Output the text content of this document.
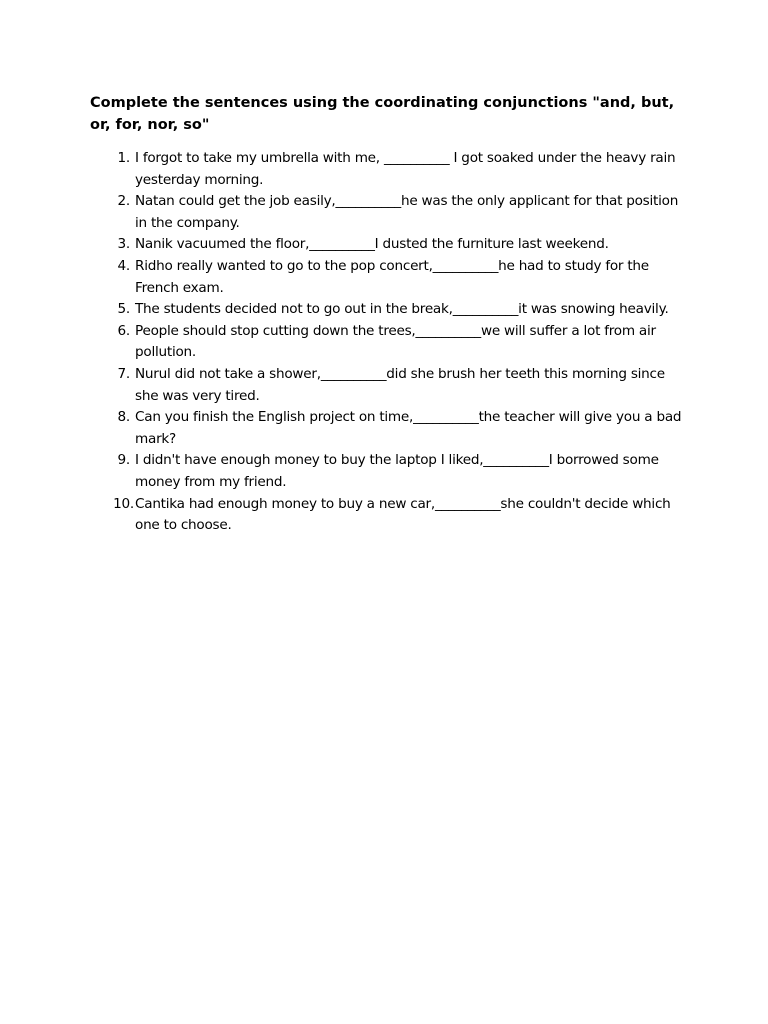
Complete the sentences using the coordinating conjunctions "and, but, or, for, nor, so"
1. I forgot to take my umbrella with me, __________ I got soaked under the heavy rain yesterday morning.
2. Natan could get the job easily,__________he was the only applicant for that position in the company.
3. Nanik vacuumed the floor,__________I dusted the furniture last weekend.
4. Ridho really wanted to go to the pop concert,__________he had to study for the French exam.
5. The students decided not to go out in the break,__________it was snowing heavily.
6. People should stop cutting down the trees,__________we will suffer a lot from air pollution.
7. Nurul did not take a shower,__________did she brush her teeth this morning since she was very tired.
8. Can you finish the English project on time,__________the teacher will give you a bad mark?
9. I didn't have enough money to buy the laptop I liked,__________I borrowed some money from my friend.
10. Cantika had enough money to buy a new car,__________she couldn't decide which one to choose.
